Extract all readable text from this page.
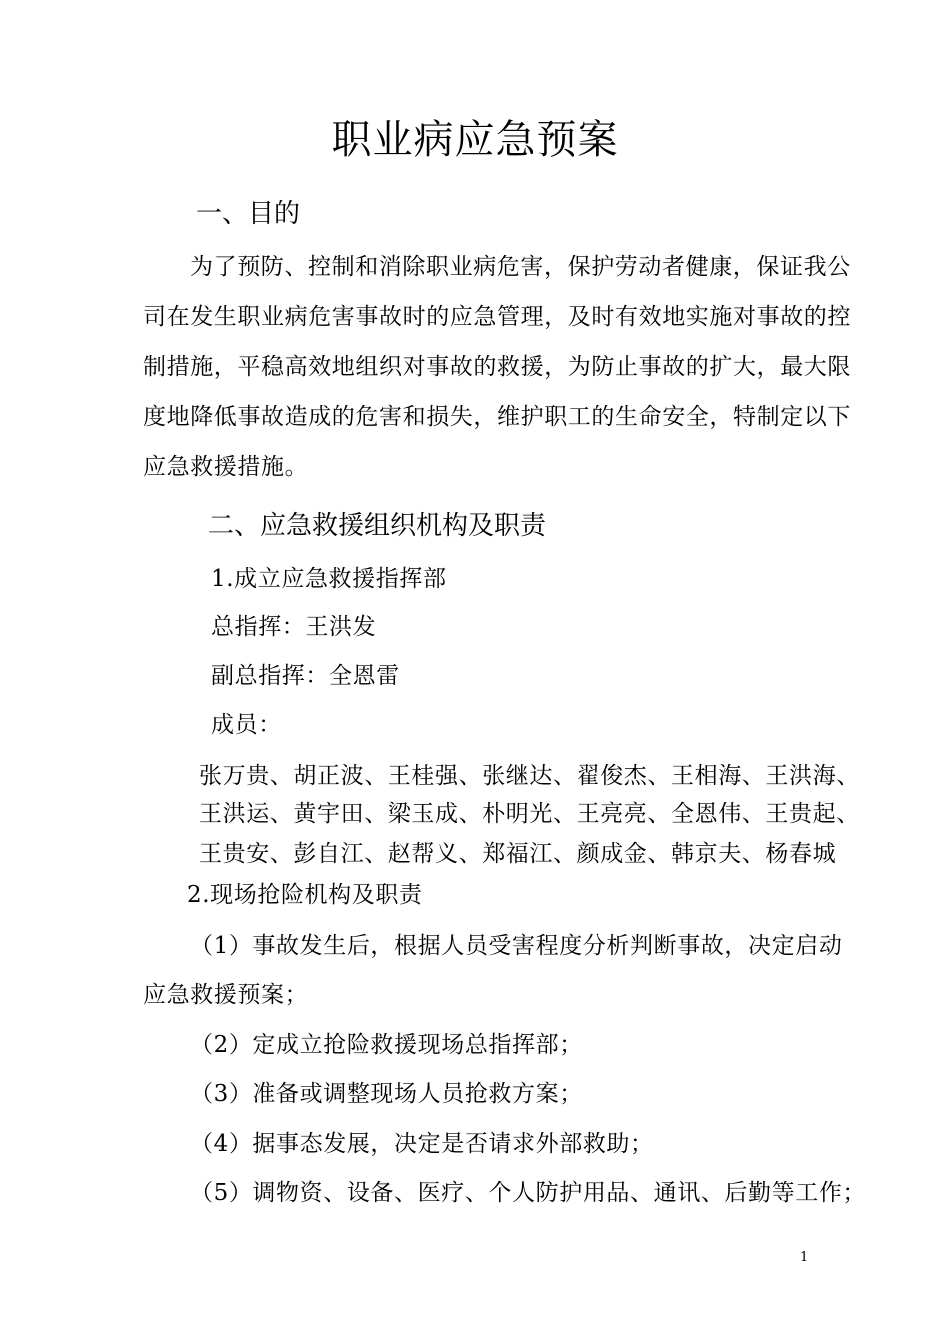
职业病应急预案
一、目的
为了预防、控制和消除职业病危害，保护劳动者健康，保证我公
司在发生职业病危害事故时的应急管理，及时有效地实施对事故的控
制措施，平稳高效地组织对事故的救援，为防止事故的扩大，最大限
度地降低事故造成的危害和损失，维护职工的生命安全，特制定以下
应急救援措施。
二、应急救援组织机构及职责
1.成立应急救援指挥部
总指挥：王洪发
副总指挥：全恩雷
成员：
张万贵、胡正波、王桂强、张继达、翟俊杰、王相海、王洪海、
王洪运、黄宇田、梁玉成、朴明光、王亮亮、全恩伟、王贵起、
王贵安、彭自江、赵帮义、郑福江、颜成金、韩京夫、杨春城
2.现场抢险机构及职责
（1）事故发生后，根据人员受害程度分析判断事故，决定启动
应急救援预案；
（2）定成立抢险救援现场总指挥部；
（3）准备或调整现场人员抢救方案；
（4）据事态发展，决定是否请求外部救助；
（5）调物资、设备、医疗、个人防护用品、通讯、后勤等工作；
1
